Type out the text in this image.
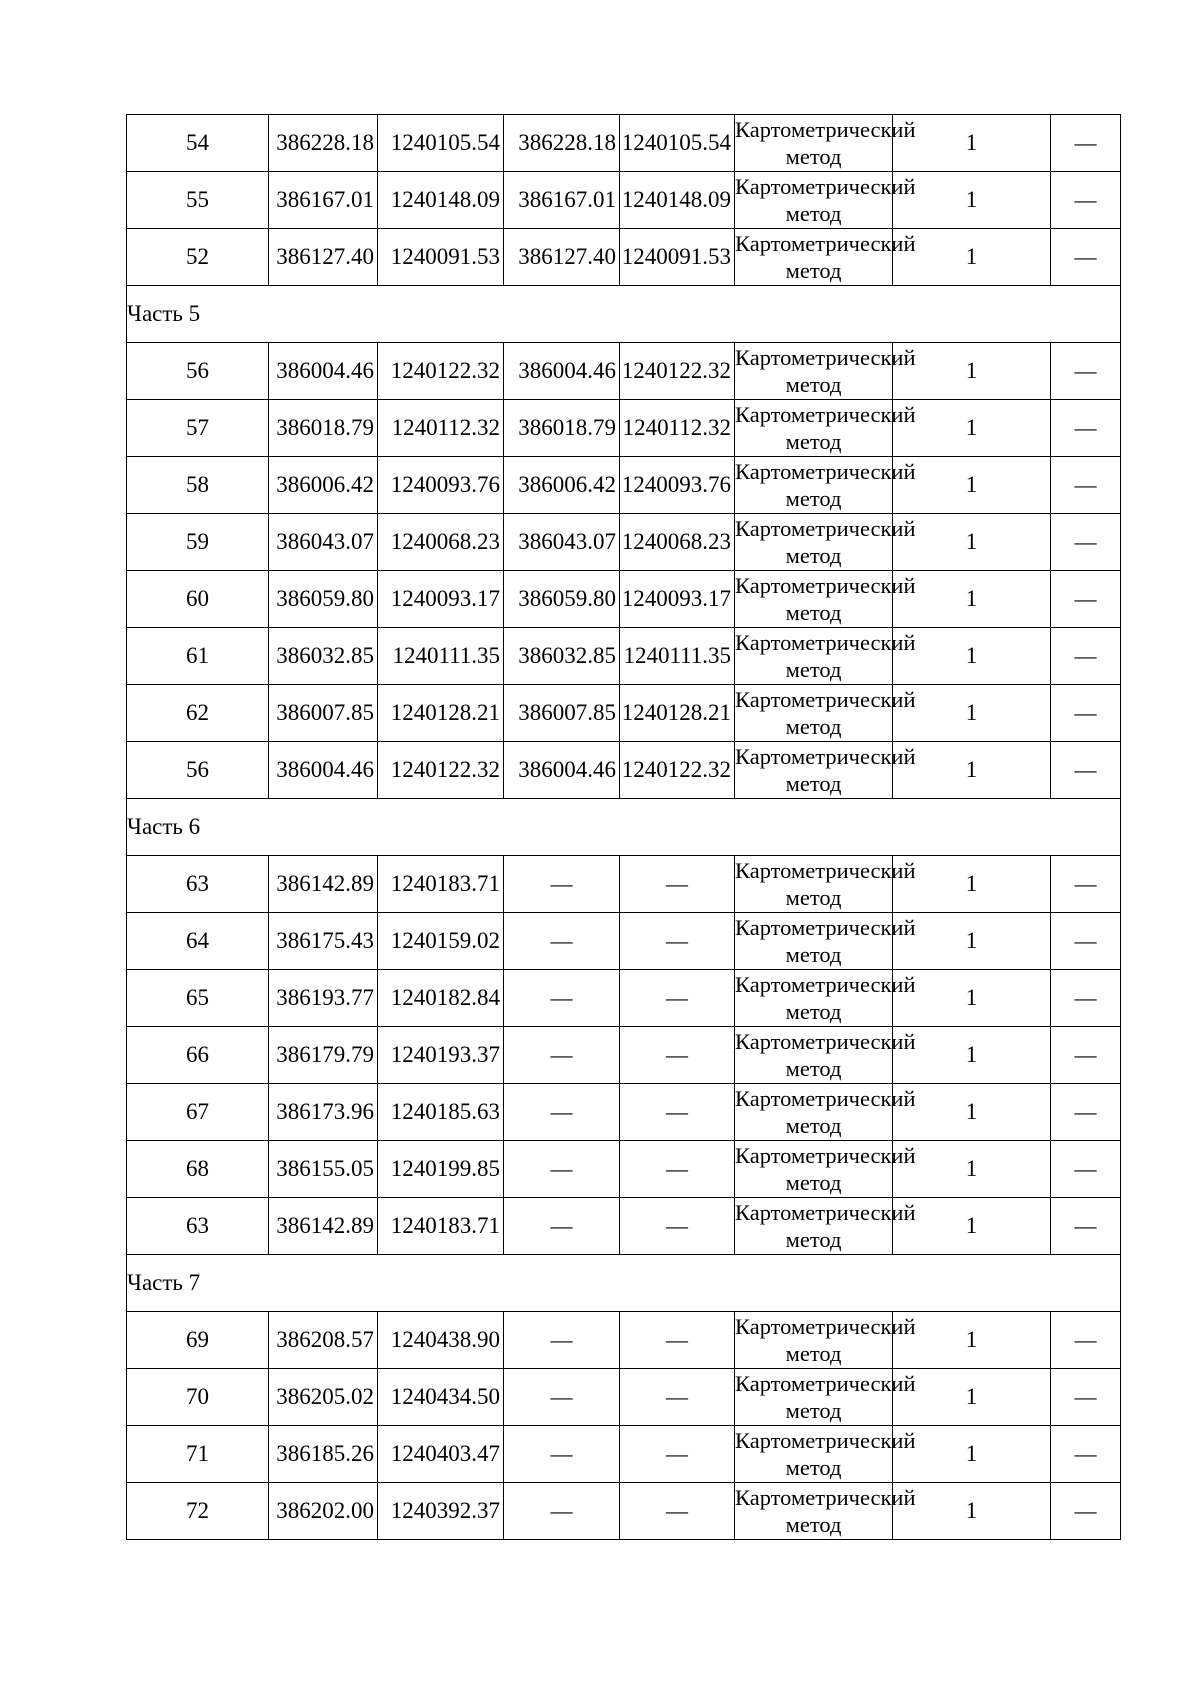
54	386228.18	1240105.54	386228.18	1240105.54	Картометрический метод	1	—
55	386167.01	1240148.09	386167.01	1240148.09	Картометрический метод	1	—
52	386127.40	1240091.53	386127.40	1240091.53	Картометрический метод	1	—
Часть 5							
56	386004.46	1240122.32	386004.46	1240122.32	Картометрический метод	1	—
57	386018.79	1240112.32	386018.79	1240112.32	Картометрический метод	1	—
58	386006.42	1240093.76	386006.42	1240093.76	Картометрический метод	1	—
59	386043.07	1240068.23	386043.07	1240068.23	Картометрический метод	1	—
60	386059.80	1240093.17	386059.80	1240093.17	Картометрический метод	1	—
61	386032.85	1240111.35	386032.85	1240111.35	Картометрический метод	1	—
62	386007.85	1240128.21	386007.85	1240128.21	Картометрический метод	1	—
56	386004.46	1240122.32	386004.46	1240122.32	Картометрический метод	1	—
Часть 6							
63	386142.89	1240183.71	—	—	Картометрический метод	1	—
64	386175.43	1240159.02	—	—	Картометрический метод	1	—
65	386193.77	1240182.84	—	—	Картометрический метод	1	—
66	386179.79	1240193.37	—	—	Картометрический метод	1	—
67	386173.96	1240185.63	—	—	Картометрический метод	1	—
68	386155.05	1240199.85	—	—	Картометрический метод	1	—
63	386142.89	1240183.71	—	—	Картометрический метод	1	—
Часть 7							
69	386208.57	1240438.90	—	—	Картометрический метод	1	—
70	386205.02	1240434.50	—	—	Картометрический метод	1	—
71	386185.26	1240403.47	—	—	Картометрический метод	1	—
72	386202.00	1240392.37	—	—	Картометрический метод	1	—
